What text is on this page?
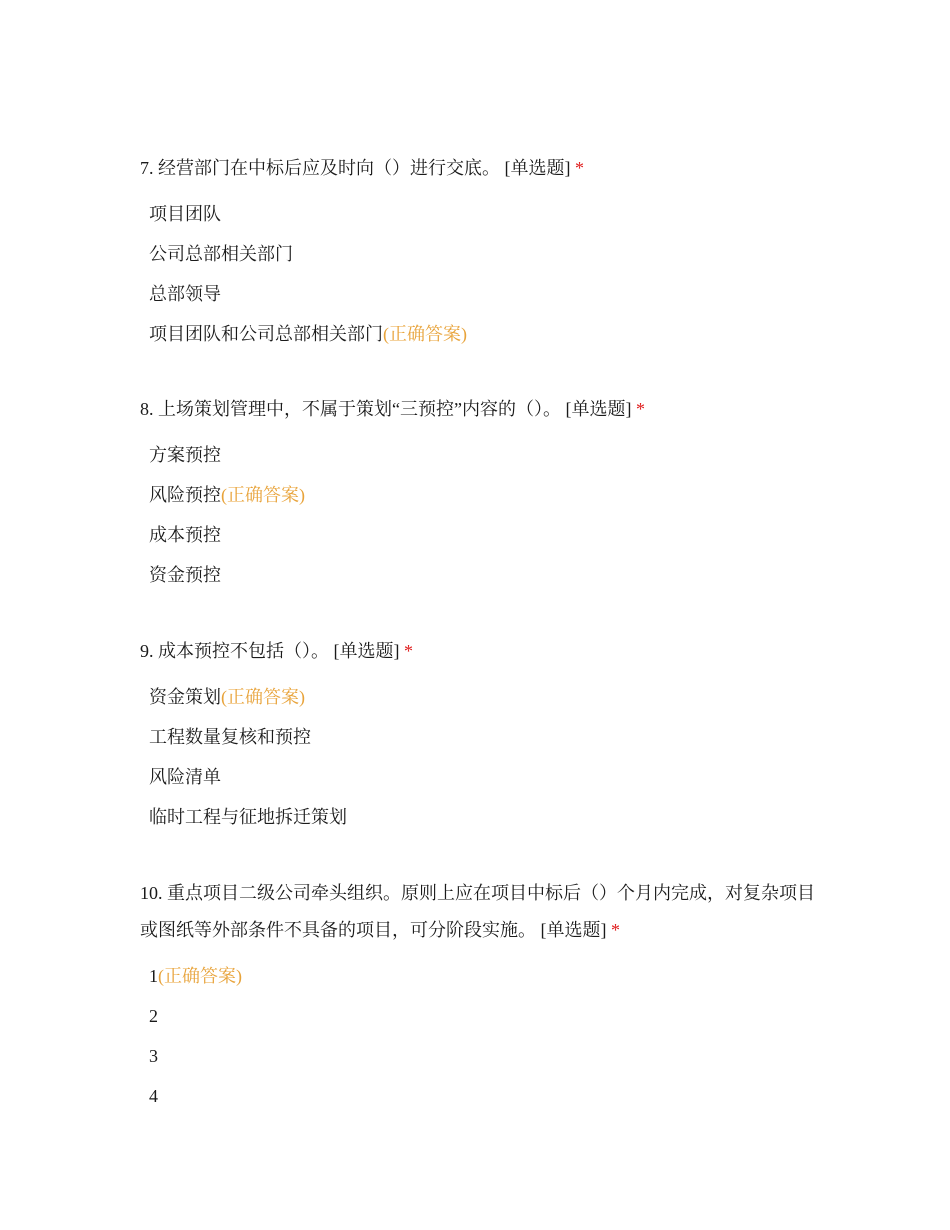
7. 经营部门在中标后应及时向（）进行交底。 [单选题] *

项目团队
公司总部相关部门
总部领导
项目团队和公司总部相关部门(正确答案)

8. 上场策划管理中，不属于策划“三预控”内容的（）。 [单选题] *

方案预控
风险预控(正确答案)
成本预控
资金预控

9. 成本预控不包括（）。 [单选题] *

资金策划(正确答案)
工程数量复核和预控
风险清单
临时工程与征地拆迁策划

10. 重点项目二级公司牵头组织。原则上应在项目中标后（）个月内完成，对复杂项目或图纸等外部条件不具备的项目，可分阶段实施。 [单选题] *

1(正确答案)
2
3
4
